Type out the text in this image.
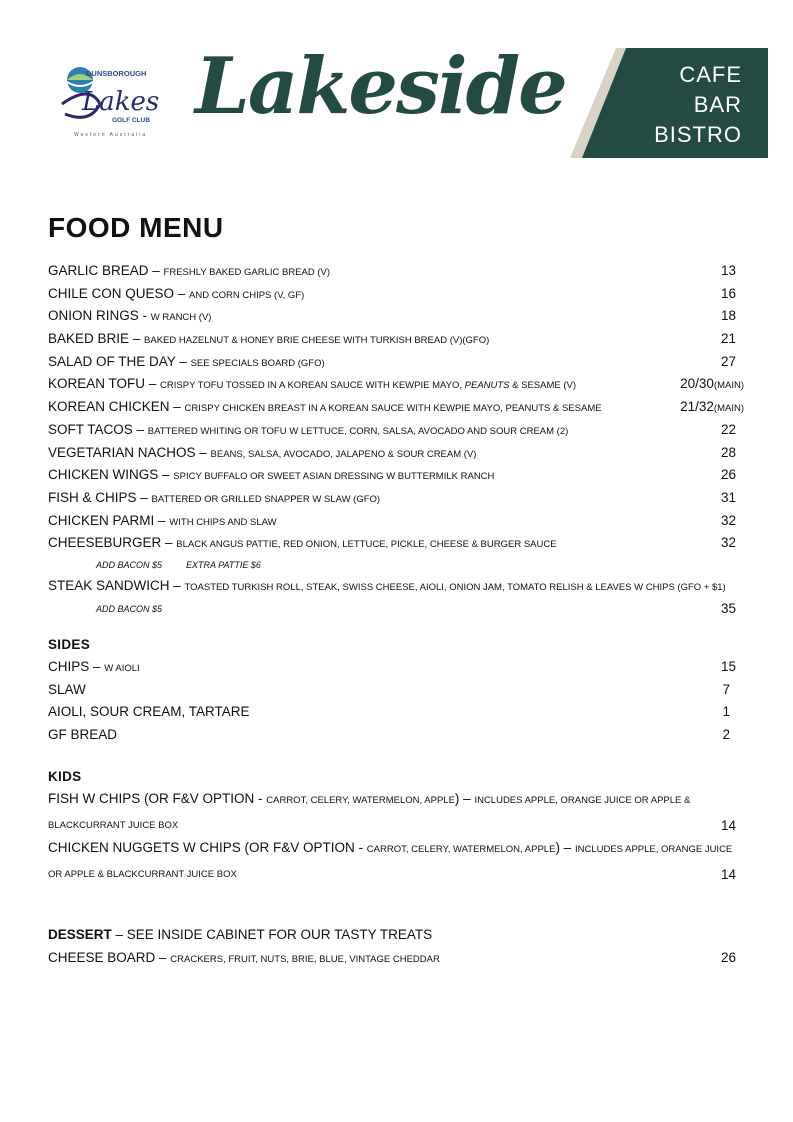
DUNSBOROUGH
Lakes
GOLF CLUB
Western Australia
Lakeside	CAFE
BAR
BISTRO
FOOD MENU
GARLIC BREAD – FRESHLY BAKED GARLIC BREAD (V)	13
CHILE CON QUESO – AND CORN CHIPS (V, GF)	16
ONION RINGS - W RANCH (V)	18
BAKED BRIE – BAKED HAZELNUT & HONEY BRIE CHEESE WITH TURKISH BREAD (V)(GFO)	21
SALAD OF THE DAY – SEE SPECIALS BOARD (GFO)	27
KOREAN TOFU – CRISPY TOFU TOSSED IN A KOREAN SAUCE WITH KEWPIE MAYO, PEANUTS & SESAME (V)	20/30(MAIN)
KOREAN CHICKEN – CRISPY CHICKEN BREAST IN A KOREAN SAUCE WITH KEWPIE MAYO, PEANUTS & SESAME	21/32(MAIN)
SOFT TACOS – BATTERED WHITING OR TOFU W LETTUCE, CORN, SALSA, AVOCADO AND SOUR CREAM (2)	22
VEGETARIAN NACHOS – BEANS, SALSA, AVOCADO, JALAPENO & SOUR CREAM (V)	28
CHICKEN WINGS – SPICY BUFFALO OR SWEET ASIAN DRESSING W BUTTERMILK RANCH	26
FISH & CHIPS – BATTERED OR GRILLED SNAPPER W SLAW (GFO)	31
CHICKEN PARMI – WITH CHIPS AND SLAW	32
CHEESEBURGER – BLACK ANGUS PATTIE, RED ONION, LETTUCE, PICKLE, CHEESE & BURGER SAUCE	32
ADD BACON $5	EXTRA PATTIE $6
STEAK SANDWICH – TOASTED TURKISH ROLL, STEAK, SWISS CHEESE, AIOLI, ONION JAM, TOMATO RELISH & LEAVES W CHIPS (GFO + $1)
ADD BACON $5	35
SIDES
CHIPS – W AIOLI	15
SLAW	7
AIOLI, SOUR CREAM, TARTARE	1
GF BREAD	2
KIDS
FISH W CHIPS (OR F&V OPTION - CARROT, CELERY, WATERMELON, APPLE) – INCLUDES APPLE, ORANGE JUICE OR APPLE & BLACKCURRANT JUICE BOX	14
CHICKEN NUGGETS W CHIPS (OR F&V OPTION - CARROT, CELERY, WATERMELON, APPLE) – INCLUDES APPLE, ORANGE JUICE OR APPLE & BLACKCURRANT JUICE BOX	14
DESSERT – SEE INSIDE CABINET FOR OUR TASTY TREATS
CHEESE BOARD – CRACKERS, FRUIT, NUTS, BRIE, BLUE, VINTAGE CHEDDAR	26
